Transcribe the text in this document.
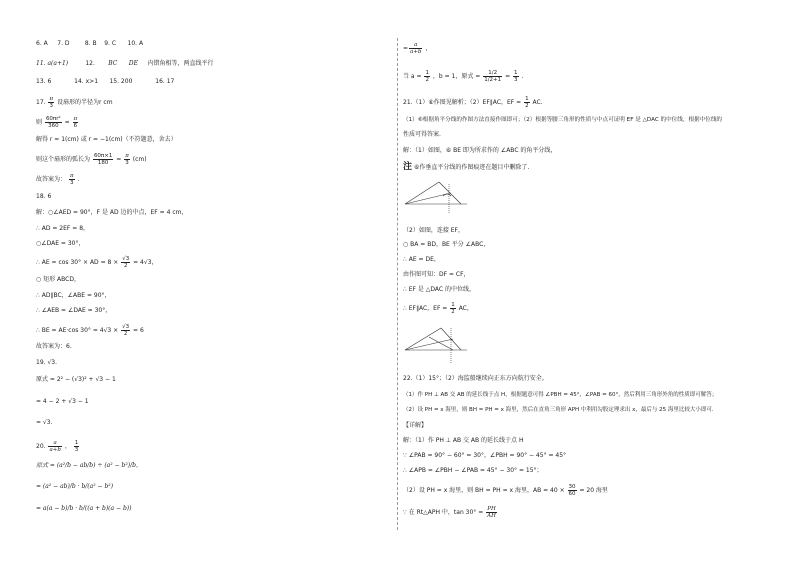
6. A 7. D	8. B 9. C 10. A
11. a(a+1)	12. BC DE 内错角相等，两直线平行
13. 6	14. x>1 15. 200	16. 17
17. $\frac{\pi}{3}$ 设扇形的半径为r cm
则 $\frac{\text{60πr²}}{360} = \frac{\pi}{6}$
解得 r = 1(cm) 或 r = −1(cm)（不符题意，舍去）
则这个扇形的弧长为 $\frac{60\pi\times 1}{180} = \frac{\pi}{3} (cm)$
故答案为： $\frac{\pi}{3}$ .
18. 6
解：○∠AED = 90°，F 是 AD 边的中点，EF = 4 cm，
∴ AD = 2EF = 8，
○∠DAE = 30°，
∴ AE = cos 30° × AD = $8 \times \frac{√3}{2} = 4√3$，
○ 矩形 ABCD，
∴ AD∥BC，∠ABE = 90°，
∴ ∠AEB = ∠DAE = 30°，
∴ BE = AE·cos $30^\circ = 4√3 \times \frac{√3}{2} = 6$
故答案为：6.
19. √3.
原式 = 2² − (√3)² + √3 − 1
= 4 − 2 + √3 − 1
= √3.
20. $\frac{a}{a+b}$ ， $\frac{1}{3}$
原式 = (a²/b − ab/b) ÷ (a² − b²)/b，
= (a² − ab)/b · b/(a² − b²)
= a(a − b)/b · b/((a + b)(a − b))
= $\frac{a}{a+b}$ ，
当 $a = \frac{1}{2}$ ，b = 1，原式 = $\frac{1/2}{1/2+1} = \frac{1}{3}$ .
21.（1）⑥作图见解析；（2）EF∥AC，EF = $\frac{1}{2}$ AC.
（1）⑥根据角平分线的作图方法直接作图即可；（2）根据等腰三角形的性质与中点可证明 EF 是 △DAC 的中位线，根据中位线的
性质可得答案.
解：（1）如图，⑥ BE 即为所求作的 ∠ABC 的角平分线，
注 ⑥作垂直平分线的作图痕迹在题目中删除了.
（2）如图，连接 EF，
○ BA = BD，BE 平分 ∠ABC，
∴ AE = DE，
由作图可知：DF = CF，
∴ EF 是 △DAC 的中位线，
∴ EF∥AC，EF = $\frac{1}{2}$ AC，
22.（1）15°；（2）海监船继续向正东方向航行安全。
（1）作 PH ⊥ AB 交 AB 的延长线于点 H，根据题意可得 ∠PBH = 45°，∠PAB = 60°，然后利用三角形外角的性质即可解答；
（2）设 PH = x 海里，则 BH = PH = x 海里，然后在直角三角形 APH 中利用勾股定理求出 x，最后与 25 海里比较大小即可.
【详解】
解：（1）作 PH ⊥ AB 交 AB 的延长线于点 H
∵ ∠PAB = 90° − 60° = 30°，∠PBH = 90° − 45° = 45°
∴ ∠APB = ∠PBH − ∠PAB = 45° − 30° = 15°；
（2）设 PH = x 海里，则 BH = PH = x 海里，AB = $40 \times \frac{30}{60} = 20$ 海里
∵ 在 Rt△APH 中，$\tan 30^\circ = \frac{PH}{AH}$
